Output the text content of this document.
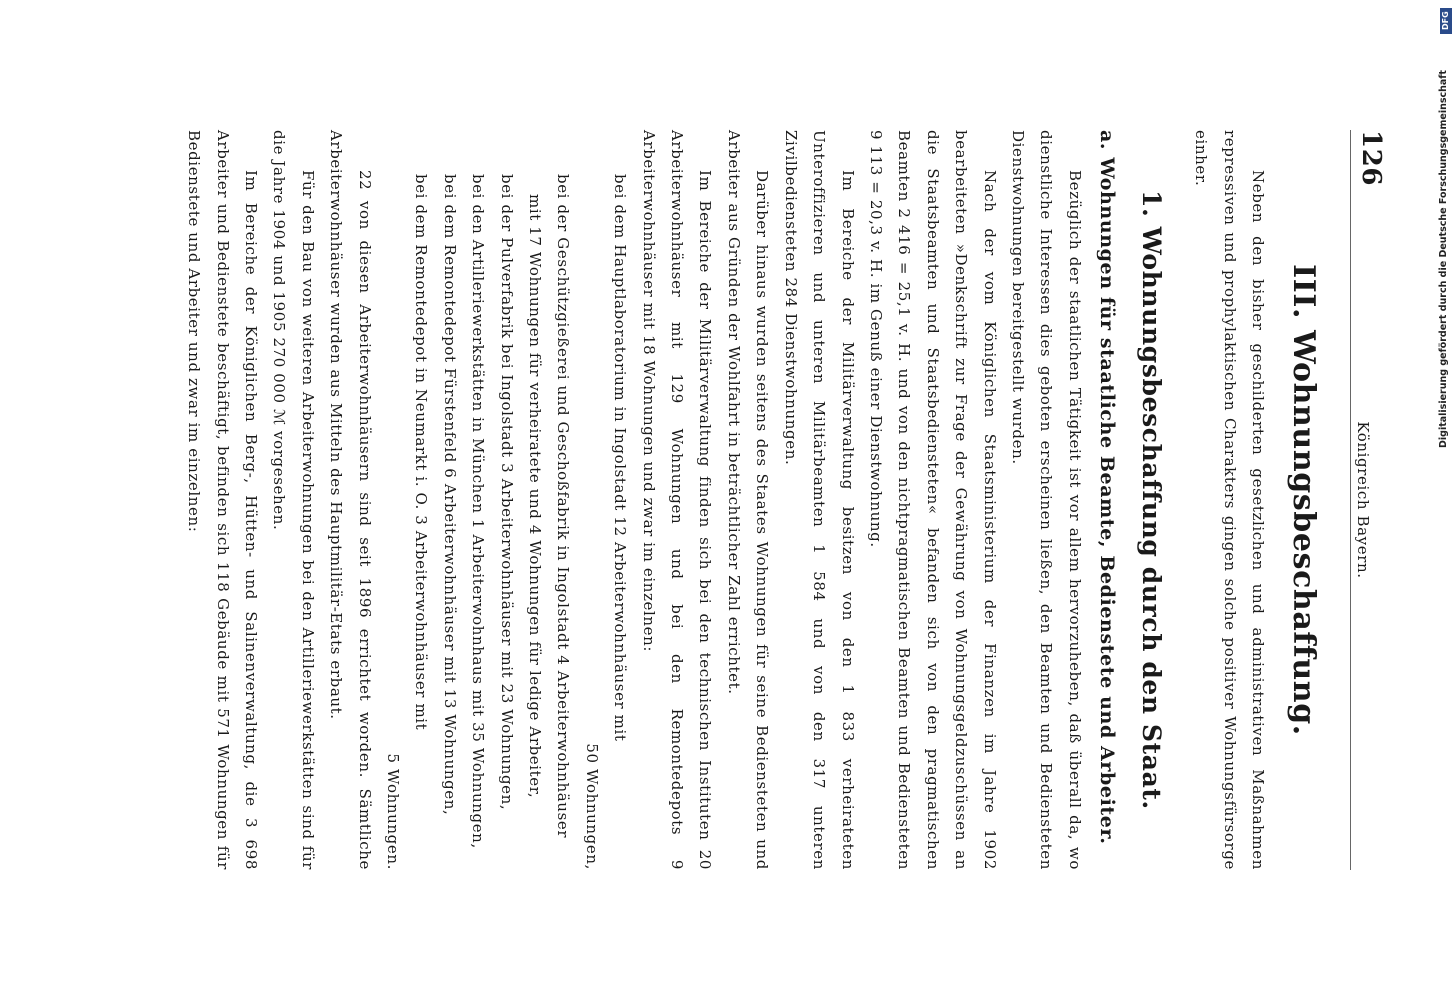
126
Königreich Bayern.
III. Wohnungsbeschaffung.

Neben den bisher geschilderten gesetzlichen und administrativen Maßnahmen repressiven und prophylaktischen Charakters gingen solche positiver Wohnungsfürsorge einher.

1. Wohnungsbeschaffung durch den Staat.
a. Wohnungen für staatliche Beamte, Bedienstete und Arbeiter.

Bezüglich der staatlichen Tätigkeit ist vor allem hervorzuheben, daß überall da, wo dienstliche Interessen dies geboten erscheinen ließen, den Beamten und Bediensteten Dienstwohnungen bereitgestellt wurden.

Nach der vom Königlichen Staatsministerium der Finanzen im Jahre 1902 bearbeiteten »Denkschrift zur Frage der Gewährung von Wohnungsgeldzuschüssen an die Staatsbeamten und Staatsbediensteten« befanden sich von den pragmatischen Beamten 2 416 = 25,1 v. H. und von den nichtpragmatischen Beamten und Bediensteten 9 113 = 20,3 v. H. im Genuß einer Dienstwohnung.

Im Bereiche der Militärverwaltung besitzen von den 1 833 verheirateten Unteroffizieren und unteren Militärbeamten 1 584 und von den 317 unteren Zivilbediensteten 284 Dienstwohnungen.

Darüber hinaus wurden seitens des Staates Wohnungen für seine Bediensteten und Arbeiter aus Gründen der Wohlfahrt in beträchtlicher Zahl errichtet.

Im Bereiche der Militärverwaltung finden sich bei den technischen Instituten 20 Arbeiterwohnhäuser mit 129 Wohnungen und bei den Remontedepots 9 Arbeiterwohnhäuser mit 18 Wohnungen und zwar im einzelnen:

bei dem Hauptlaboratorium in Ingolstadt 12 Arbeiterwohnhäuser mit
50 Wohnungen,
bei der Geschützgießerei und Geschoßfabrik in Ingolstadt 4 Arbeiterwohnhäuser mit 17 Wohnungen für verheiratete und 4 Wohnungen für ledige Arbeiter,
bei der Pulverfabrik bei Ingolstadt 3 Arbeiterwohnhäuser mit 23 Wohnungen,
bei den Artilleriewerkstätten in München 1 Arbeiterwohnhaus mit 35 Wohnungen,
bei dem Remontedepot Fürstenfeld 6 Arbeiterwohnhäuser mit 13 Wohnungen,
bei dem Remontedepot in Neumarkt i. O. 3 Arbeiterwohnhäuser mit
5 Wohnungen.

22 von diesen Arbeiterwohnhäusern sind seit 1896 errichtet worden. Sämtliche Arbeiterwohnhäuser wurden aus Mitteln des Hauptmilitär-Etats erbaut.

Für den Bau von weiteren Arbeiterwohnungen bei den Artilleriewerkstätten sind für die Jahre 1904 und 1905 270 000 ℳ vorgesehen.

Im Bereiche der Königlichen Berg-, Hütten- und Salinenverwaltung, die 3 698 Arbeiter und Bedienstete beschäftigt, befinden sich 118 Gebäude mit 571 Wohnungen für Bedienstete und Arbeiter und zwar im einzelnen:	Digitalisierung gefördert durch die Deutsche Forschungsgemeinschaft
DFG
